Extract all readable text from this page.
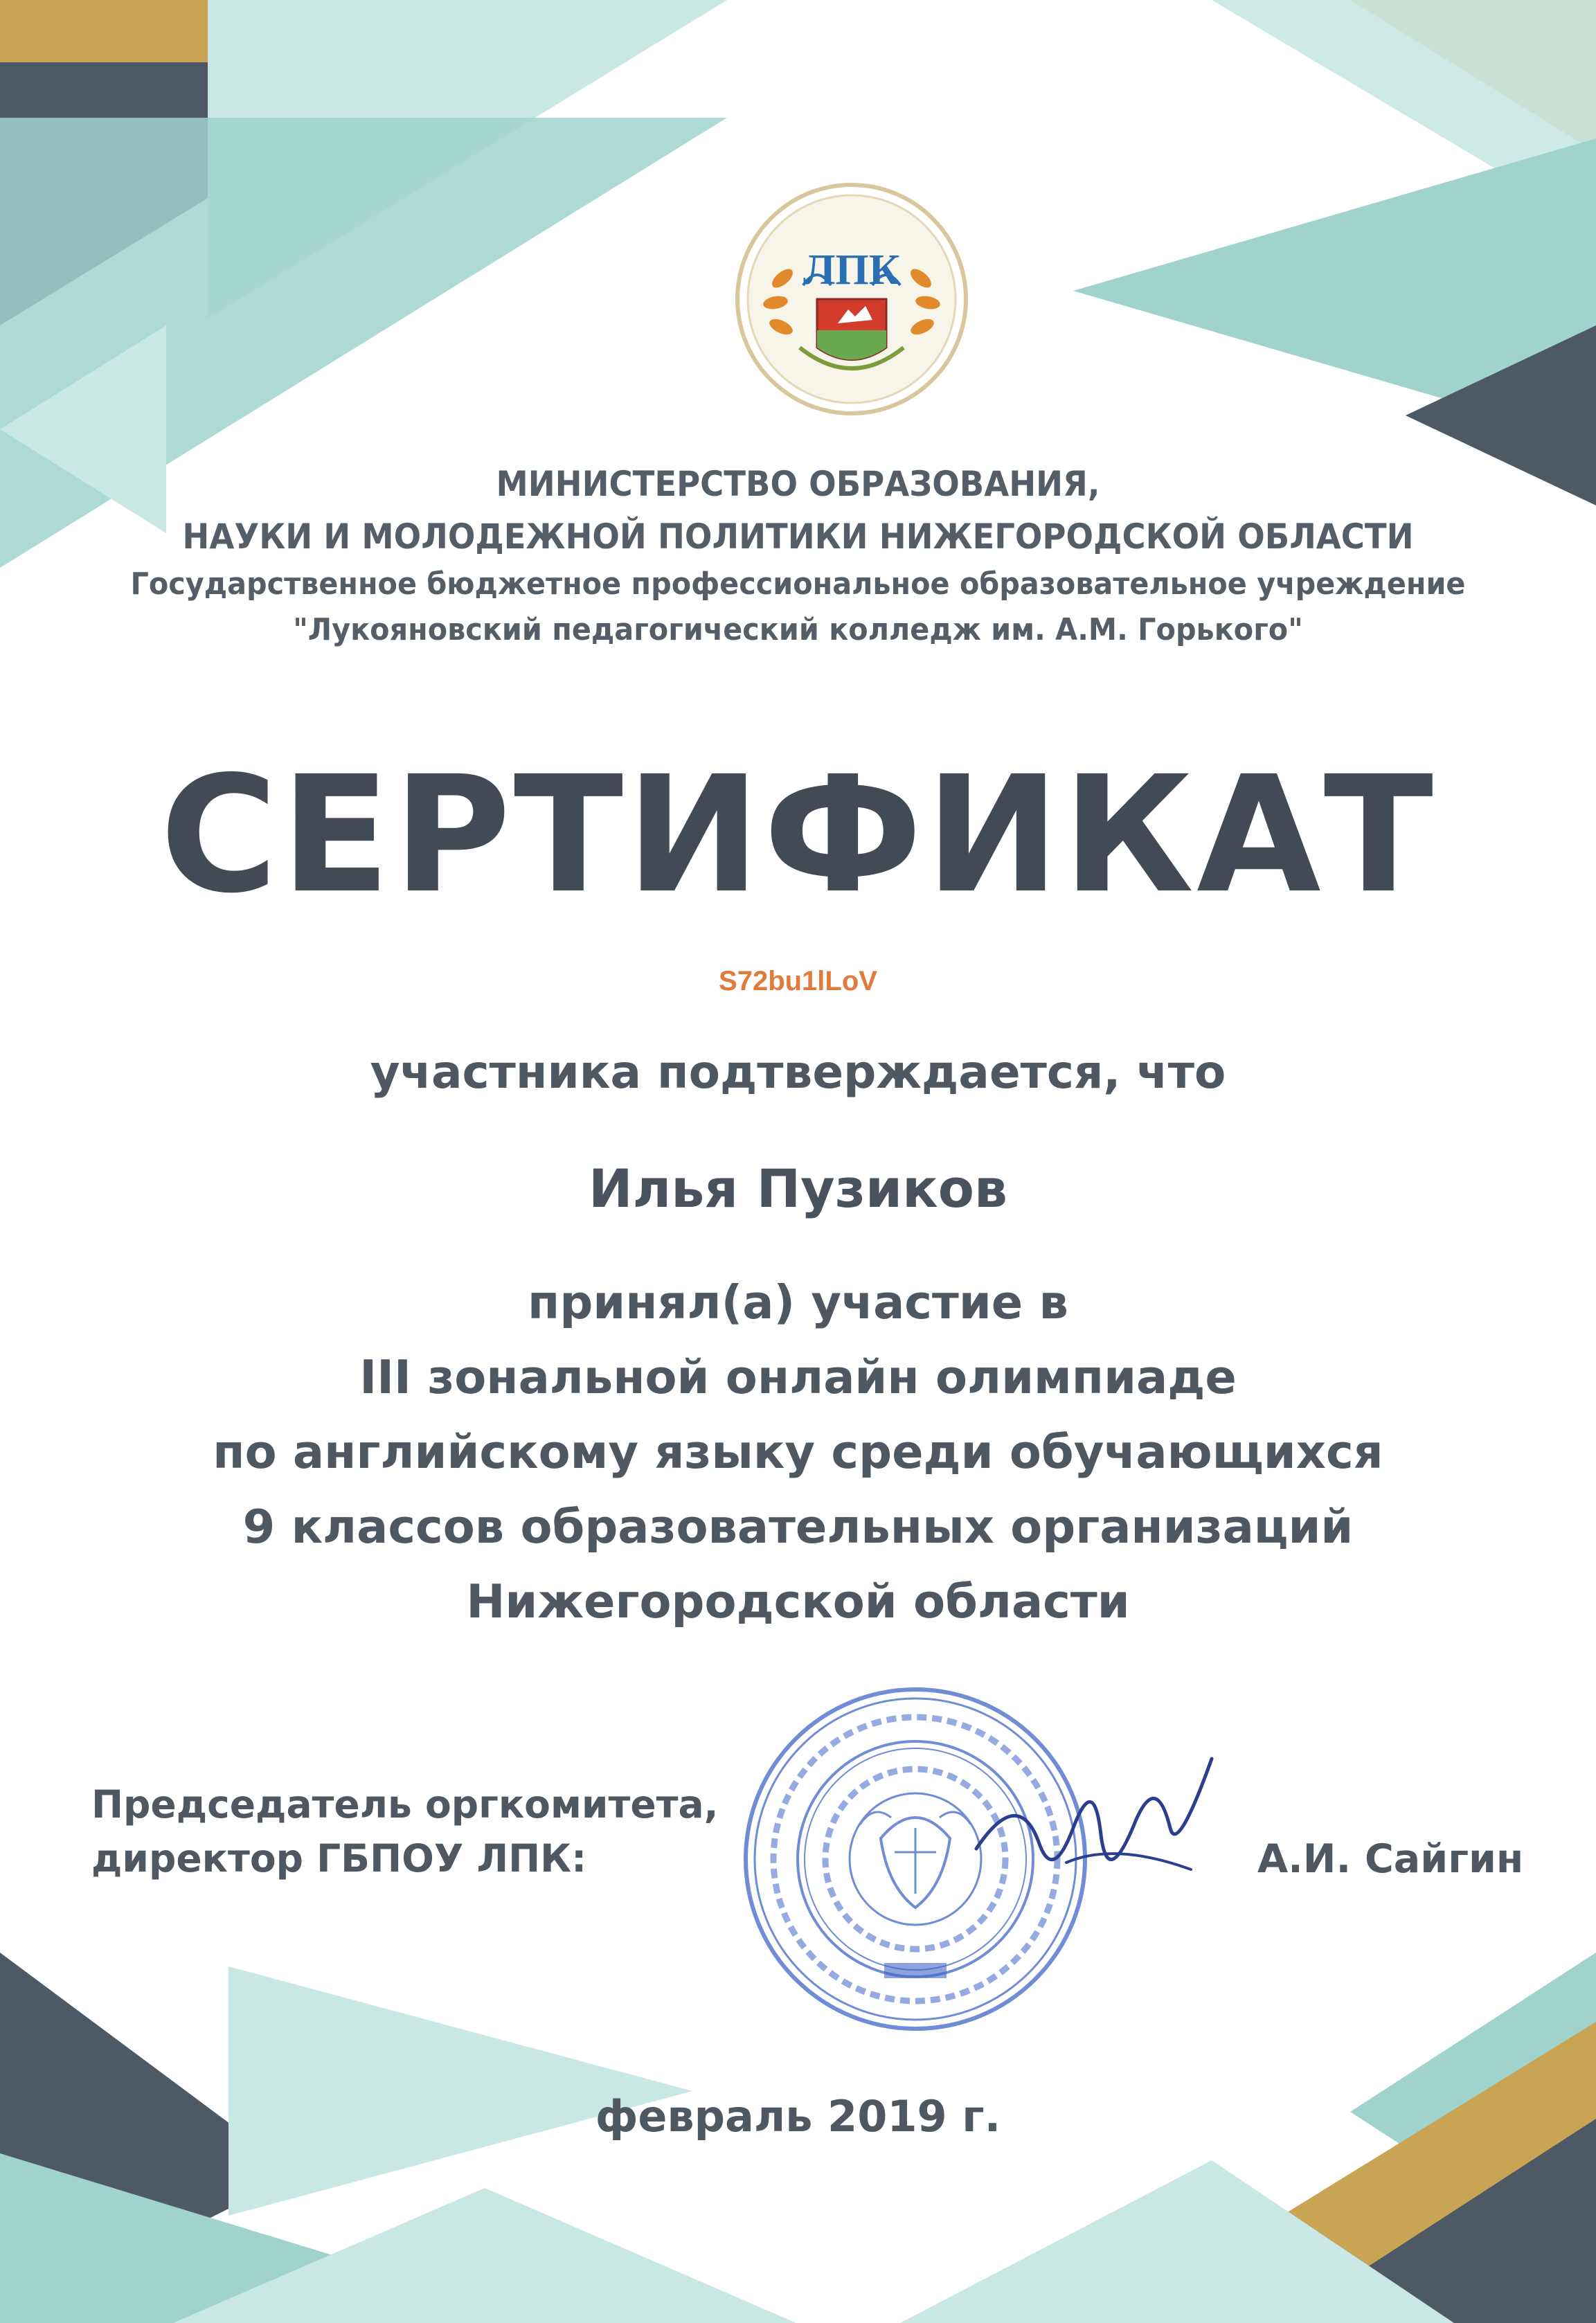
ЛПК
МИНИСТЕРСТВО ОБРАЗОВАНИЯ,
НАУКИ И МОЛОДЕЖНОЙ ПОЛИТИКИ НИЖЕГОРОДСКОЙ ОБЛАСТИ
Государственное бюджетное профессиональное образовательное учреждение
"Лукояновский педагогический колледж им. А.М. Горького"
СЕРТИФИКАТ
S72bu1lLoV
участника подтверждается, что
Илья Пузиков
принял(а) участие в
III зональной онлайн олимпиаде
по английскому языку среди обучающихся
9 классов образовательных организаций
Нижегородской области
Председатель оргкомитета,
директор ГБПОУ ЛПК:	А.И. Сайгин
февраль 2019 г.
